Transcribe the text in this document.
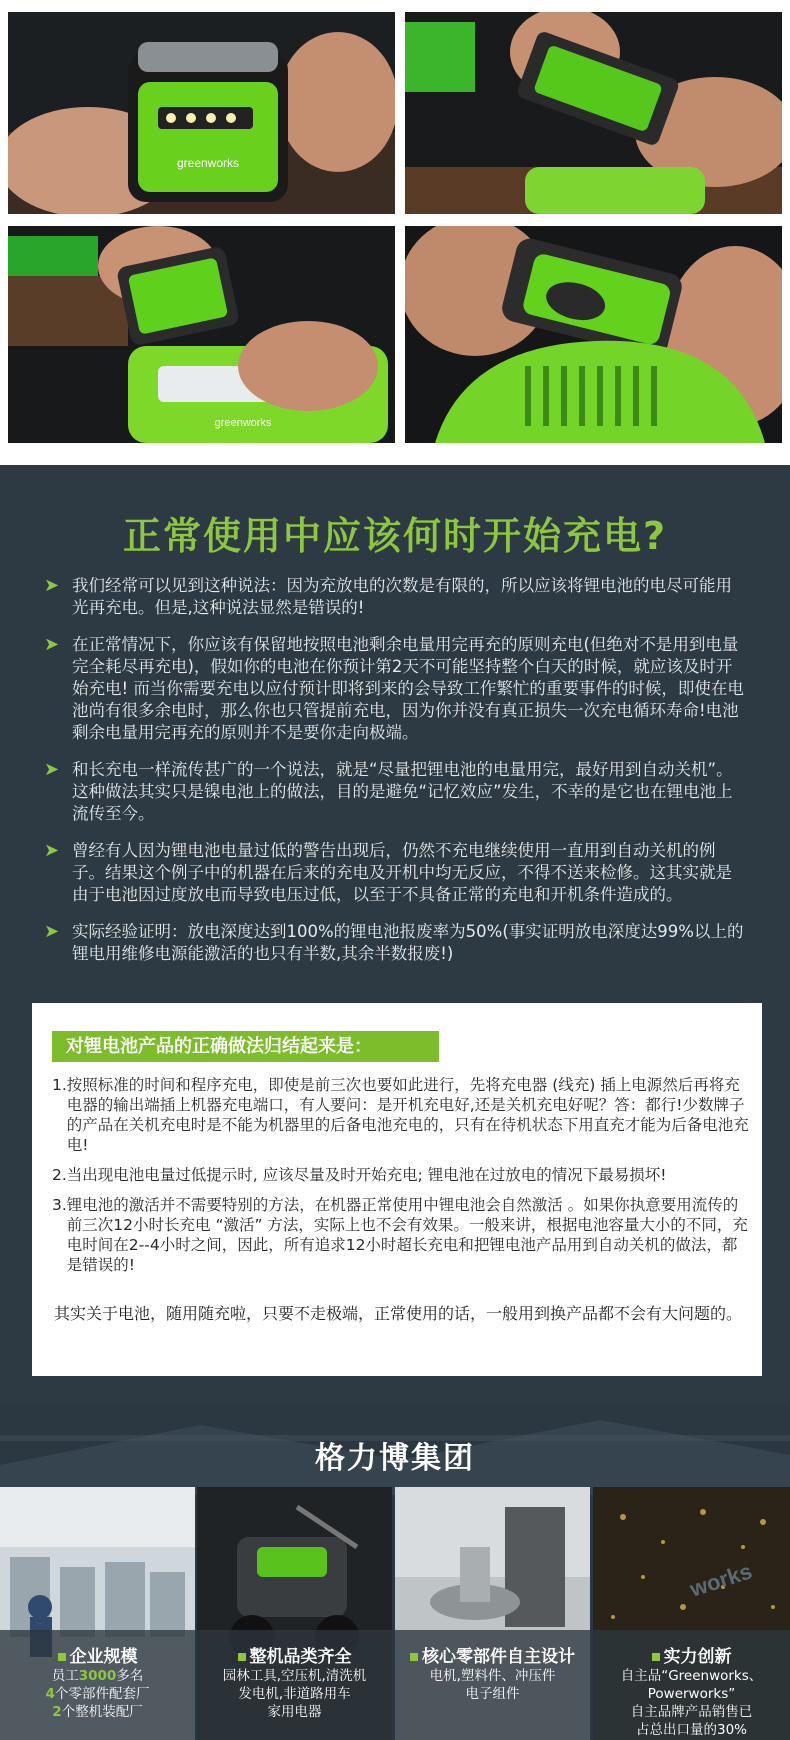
greenworks
greenworks
正常使用中应该何时开始充电?
➤ 我们经常可以见到这种说法：因为充放电的次数是有限的，所以应该将锂电池的电尽可能用光再充电。但是,这种说法显然是错误的!
➤ 在正常情况下，你应该有保留地按照电池剩余电量用完再充的原则充电(但绝对不是用到电量完全耗尽再充电)，假如你的电池在你预计第2天不可能坚持整个白天的时候，就应该及时开始充电! 而当你需要充电以应付预计即将到来的会导致工作繁忙的重要事件的时候，即使在电池尚有很多余电时，那么你也只管提前充电，因为你并没有真正损失一次充电循环寿命!电池剩余电量用完再充的原则并不是要你走向极端。
➤ 和长充电一样流传甚广的一个说法，就是“尽量把锂电池的电量用完，最好用到自动关机”。这种做法其实只是镍电池上的做法，目的是避免“记忆效应”发生，不幸的是它也在锂电池上流传至今。
➤ 曾经有人因为锂电池电量过低的警告出现后，仍然不充电继续使用一直用到自动关机的例子。结果这个例子中的机器在后来的充电及开机中均无反应，不得不送来检修。这其实就是由于电池因过度放电而导致电压过低，以至于不具备正常的充电和开机条件造成的。
➤ 实际经验证明：放电深度达到100%的锂电池报废率为50%(事实证明放电深度达99%以上的锂电用维修电源能激活的也只有半数,其余半数报废!)
对锂电池产品的正确做法归结起来是：
1. 按照标准的时间和程序充电，即使是前三次也要如此进行，先将充电器 (线充) 插上电源然后再将充电器的输出端插上机器充电端口，有人要问：是开机充电好,还是关机充电好呢？答：都行!少数牌子的产品在关机充电时是不能为机器里的后备电池充电的，只有在待机状态下用直充才能为后备电池充电!
2. 当出现电池电量过低提示时, 应该尽量及时开始充电; 锂电池在过放电的情况下最易损坏!
3. 锂电池的激活并不需要特别的方法，在机器正常使用中锂电池会自然激活 。如果你执意要用流传的前三次12小时长充电 “激活” 方法，实际上也不会有效果。一般来讲，根据电池容量大小的不同，充电时间在2--4小时之间，因此，所有追求12小时超长充电和把锂电池产品用到自动关机的做法，都是错误的!
其实关于电池，随用随充啦，只要不走极端，正常使用的话，一般用到换产品都不会有大问题的。
格力博集团
企业规模
员工3000多名
4个零部件配套厂
2个整机装配厂
整机品类齐全
园林工具,空压机,清洗机
发电机,非道路用车
家用电器
核心零部件自主设计
电机,塑料件、冲压件
电子组件
works
实力创新
自主品“Greenworks、
Powerworks”
自主品牌产品销售已
占总出口量的30%
